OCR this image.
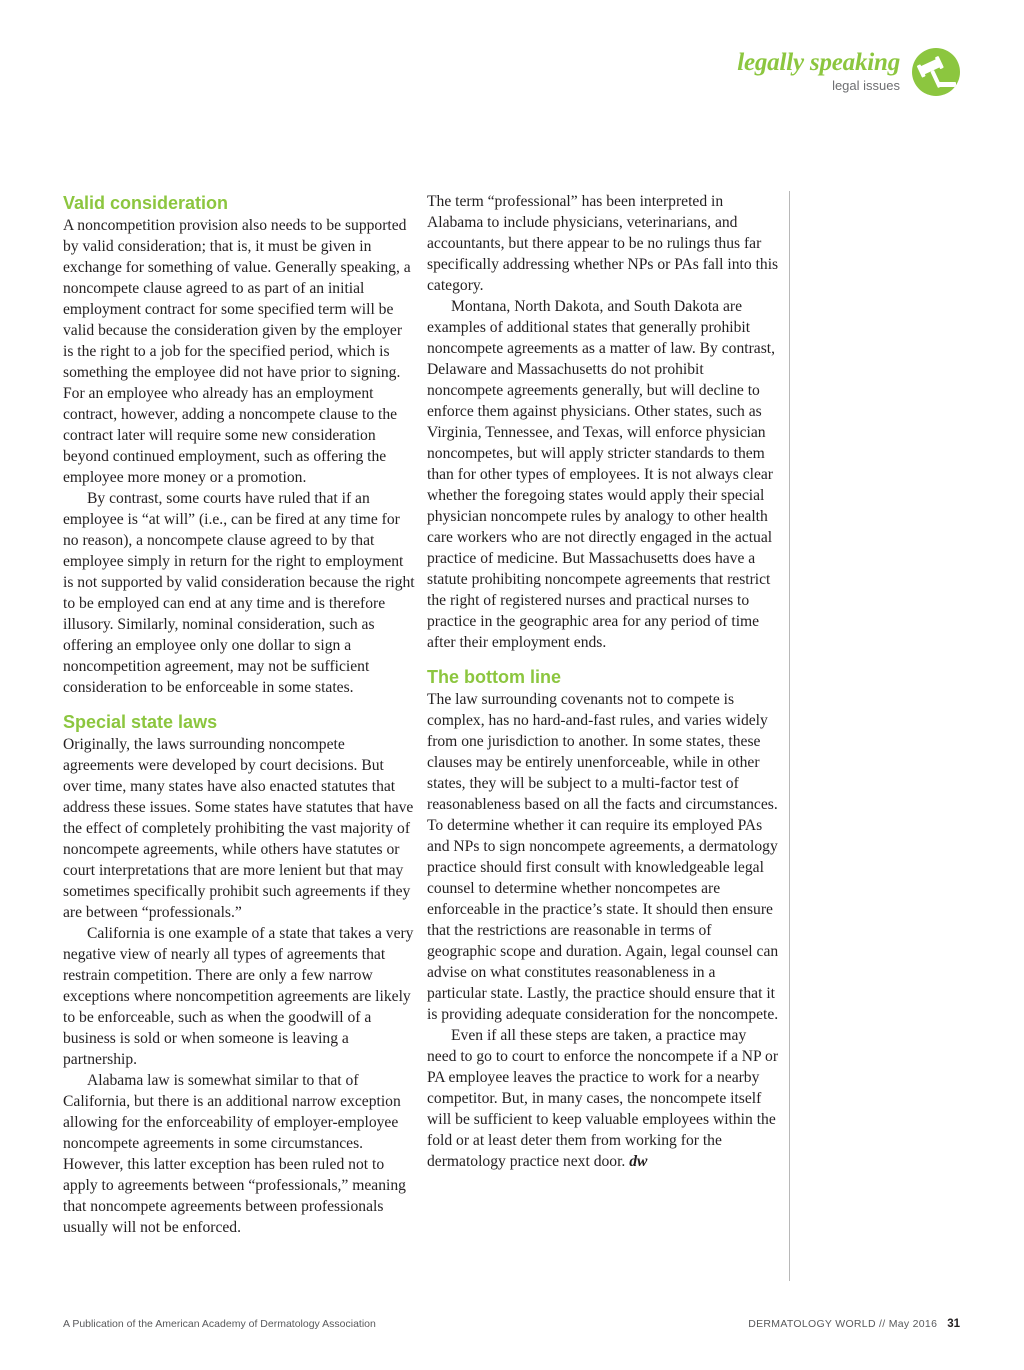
legally speaking
legal issues
Valid consideration

A noncompetition provision also needs to be supported by valid consideration; that is, it must be given in exchange for something of value. Generally speaking, a noncompete clause agreed to as part of an initial employment contract for some specified term will be valid because the consideration given by the employer is the right to a job for the specified period, which is something the employee did not have prior to signing. For an employee who already has an employment contract, however, adding a noncompete clause to the contract later will require some new consideration beyond continued employment, such as offering the employee more money or a promotion.

By contrast, some courts have ruled that if an employee is “at will” (i.e., can be fired at any time for no reason), a noncompete clause agreed to by that employee simply in return for the right to employment is not supported by valid consideration because the right to be employed can end at any time and is therefore illusory. Similarly, nominal consideration, such as offering an employee only one dollar to sign a noncompetition agreement, may not be sufficient consideration to be enforceable in some states.

Special state laws

Originally, the laws surrounding noncompete agreements were developed by court decisions. But over time, many states have also enacted statutes that address these issues. Some states have statutes that have the effect of completely prohibiting the vast majority of noncompete agreements, while others have statutes or court interpretations that are more lenient but that may sometimes specifically prohibit such agreements if they are between “professionals.”

California is one example of a state that takes a very negative view of nearly all types of agreements that restrain competition. There are only a few narrow exceptions where noncompetition agreements are likely to be enforceable, such as when the goodwill of a business is sold or when someone is leaving a partnership.

Alabama law is somewhat similar to that of California, but there is an additional narrow exception allowing for the enforceability of employer-employee noncompete agreements in some circumstances. However, this latter exception has been ruled not to apply to agreements between “professionals,” meaning that noncompete agreements between professionals usually will not be enforced.

The term “professional” has been interpreted in Alabama to include physicians, veterinarians, and accountants, but there appear to be no rulings thus far specifically addressing whether NPs or PAs fall into this category.

Montana, North Dakota, and South Dakota are examples of additional states that generally prohibit noncompete agreements as a matter of law. By contrast, Delaware and Massachusetts do not prohibit noncompete agreements generally, but will decline to enforce them against physicians. Other states, such as Virginia, Tennessee, and Texas, will enforce physician noncompetes, but will apply stricter standards to them than for other types of employees. It is not always clear whether the foregoing states would apply their special physician noncompete rules by analogy to other health care workers who are not directly engaged in the actual practice of medicine. But Massachusetts does have a statute prohibiting noncompete agreements that restrict the right of registered nurses and practical nurses to practice in the geographic area for any period of time after their employment ends.

The bottom line

The law surrounding covenants not to compete is complex, has no hard-and-fast rules, and varies widely from one jurisdiction to another. In some states, these clauses may be entirely unenforceable, while in other states, they will be subject to a multi-factor test of reasonableness based on all the facts and circumstances. To determine whether it can require its employed PAs and NPs to sign noncompete agreements, a dermatology practice should first consult with knowledgeable legal counsel to determine whether noncompetes are enforceable in the practice’s state. It should then ensure that the restrictions are reasonable in terms of geographic scope and duration. Again, legal counsel can advise on what constitutes reasonableness in a particular state. Lastly, the practice should ensure that it is providing adequate consideration for the noncompete.

Even if all these steps are taken, a practice may need to go to court to enforce the noncompete if a NP or PA employee leaves the practice to work for a nearby competitor. But, in many cases, the noncompete itself will be sufficient to keep valuable employees within the fold or at least deter them from working for the dermatology practice next door. dw

A Publication of the American Academy of Dermatology Association	DERMATOLOGY WORLD // May 2016 31
